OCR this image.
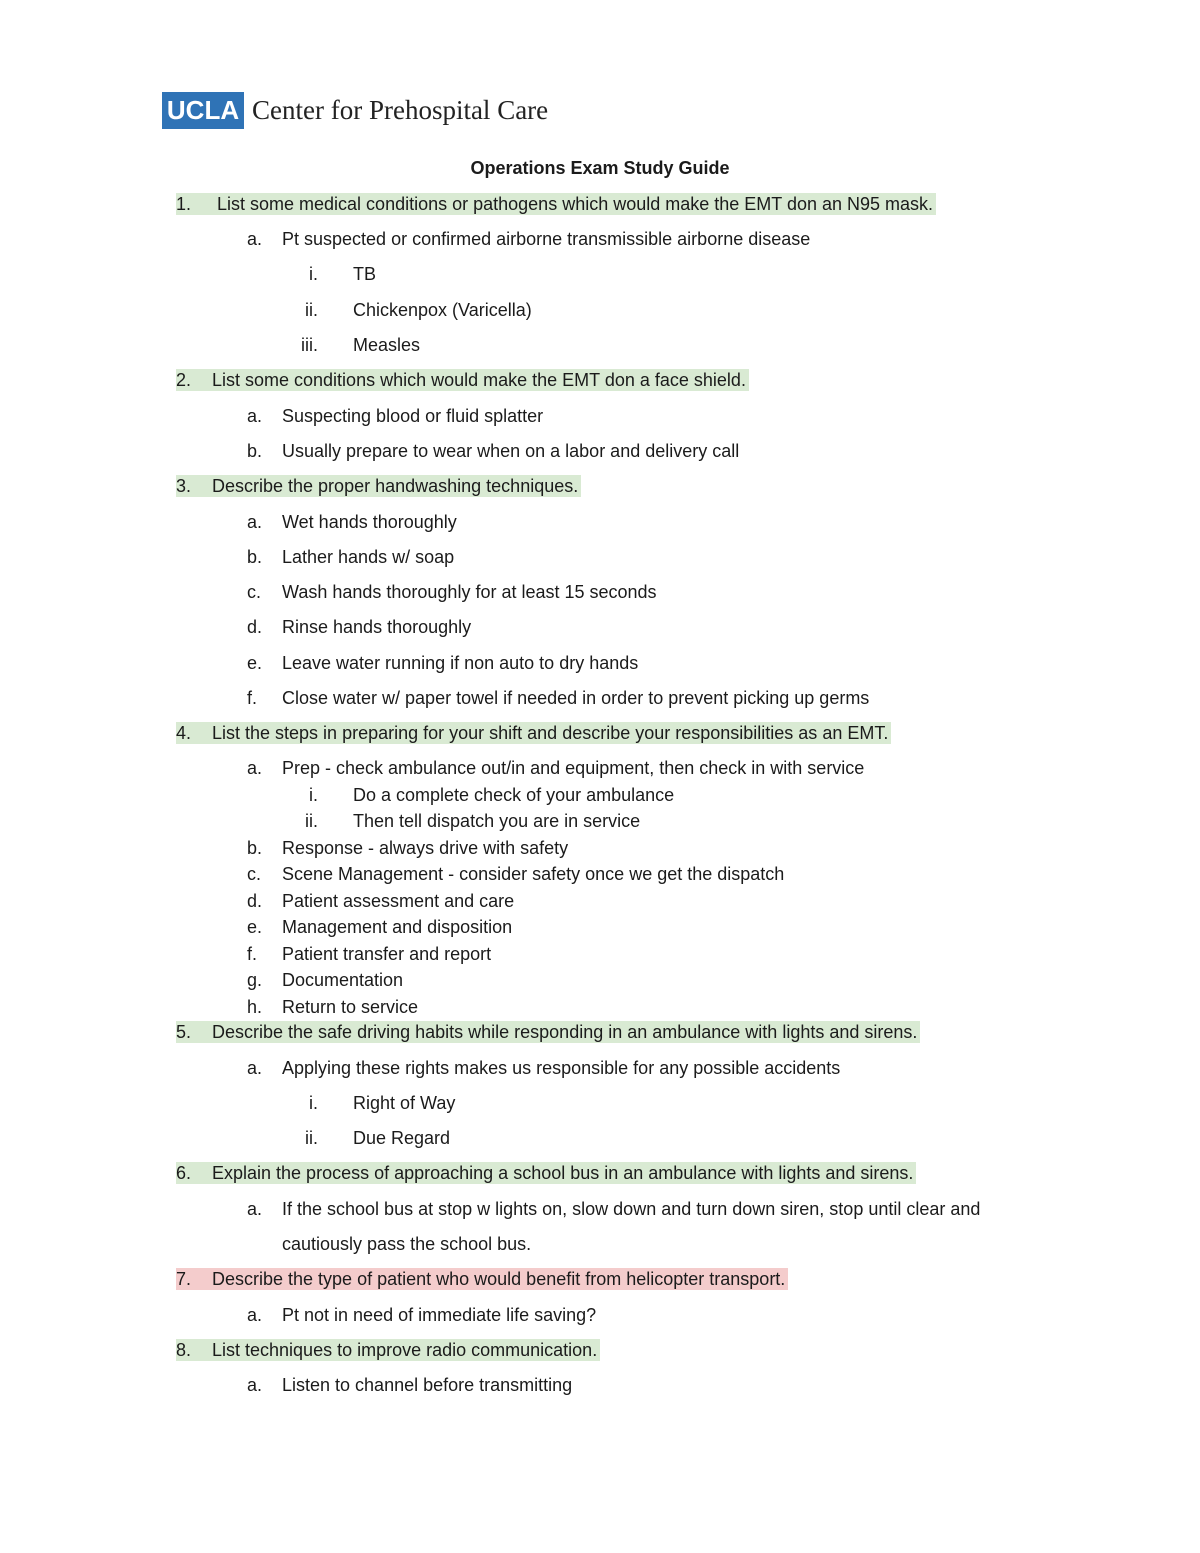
UCLA Center for Prehospital Care
Operations Exam Study Guide
1. List some medical conditions or pathogens which would make the EMT don an N95 mask.
a. Pt suspected or confirmed airborne transmissible airborne disease
i. TB
ii. Chickenpox (Varicella)
iii. Measles
2. List some conditions which would make the EMT don a face shield.
a. Suspecting blood or fluid splatter
b. Usually prepare to wear when on a labor and delivery call
3. Describe the proper handwashing techniques.
a. Wet hands thoroughly
b. Lather hands w/ soap
c. Wash hands thoroughly for at least 15 seconds
d. Rinse hands thoroughly
e. Leave water running if non auto to dry hands
f. Close water w/ paper towel if needed in order to prevent picking up germs
4. List the steps in preparing for your shift and describe your responsibilities as an EMT.
a. Prep - check ambulance out/in and equipment, then check in with service
i. Do a complete check of your ambulance
ii. Then tell dispatch you are in service
b. Response - always drive with safety
c. Scene Management - consider safety once we get the dispatch
d. Patient assessment and care
e. Management and disposition
f. Patient transfer and report
g. Documentation
h. Return to service
5. Describe the safe driving habits while responding in an ambulance with lights and sirens.
a. Applying these rights makes us responsible for any possible accidents
i. Right of Way
ii. Due Regard
6. Explain the process of approaching a school bus in an ambulance with lights and sirens.
a. If the school bus at stop w lights on, slow down and turn down siren, stop until clear and
cautiously pass the school bus.
7. Describe the type of patient who would benefit from helicopter transport.
a. Pt not in need of immediate life saving?
8. List techniques to improve radio communication.
a. Listen to channel before transmitting
